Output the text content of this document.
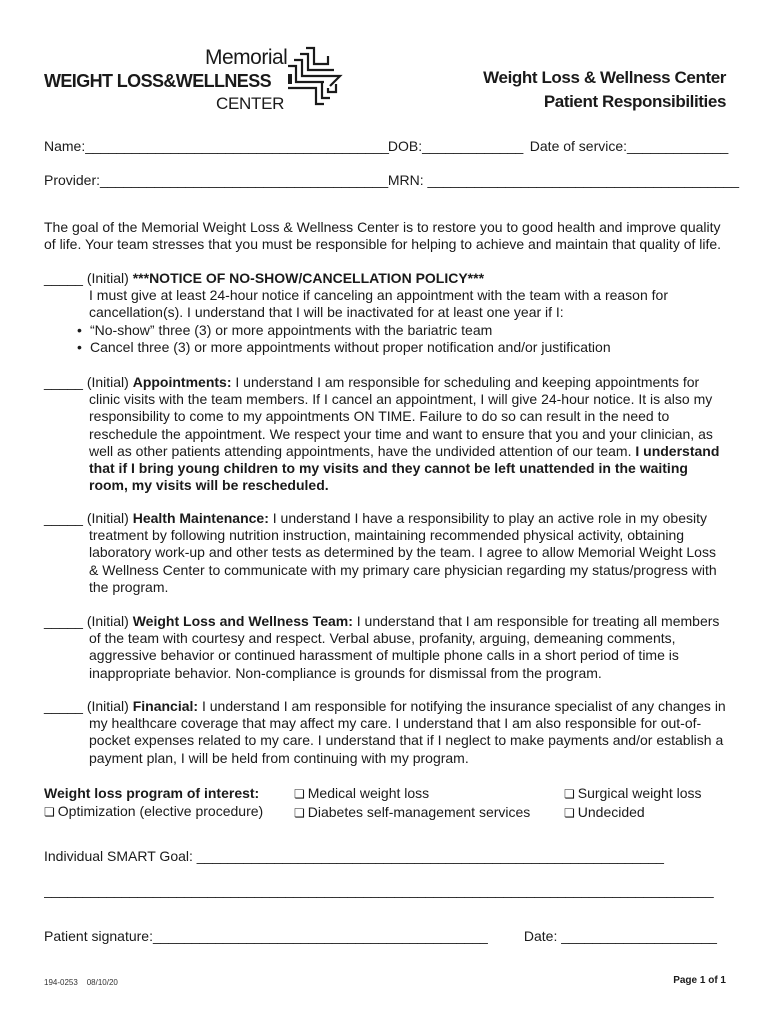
Memorial
WEIGHT LOSS&WELLNESS
CENTER
Weight Loss & Wellness Center
Patient Responsibilities
Name:_______________________________________ DOB:_____________ Date of service:_____________
Provider:_____________________________________ MRN: ________________________________________
The goal of the Memorial Weight Loss & Wellness Center is to restore you to good health and improve quality of life. Your team stresses that you must be responsible for helping to achieve and maintain that quality of life.
_____ (Initial) ***NOTICE OF NO-SHOW/CANCELLATION POLICY***
I must give at least 24-hour notice if canceling an appointment with the team with a reason for cancellation(s). I understand that I will be inactivated for at least one year if I:
• “No-show” three (3) or more appointments with the bariatric team
• Cancel three (3) or more appointments without proper notification and/or justification
_____ (Initial) Appointments: I understand I am responsible for scheduling and keeping appointments for clinic visits with the team members. If I cancel an appointment, I will give 24-hour notice. It is also my responsibility to come to my appointments ON TIME. Failure to do so can result in the need to reschedule the appointment. We respect your time and want to ensure that you and your clinician, as well as other patients attending appointments, have the undivided attention of our team. I understand that if I bring young children to my visits and they cannot be left unattended in the waiting room, my visits will be rescheduled.
_____ (Initial) Health Maintenance: I understand I have a responsibility to play an active role in my obesity treatment by following nutrition instruction, maintaining recommended physical activity, obtaining laboratory work-up and other tests as determined by the team. I agree to allow Memorial Weight Loss & Wellness Center to communicate with my primary care physician regarding my status/progress with the program.
_____ (Initial) Weight Loss and Wellness Team: I understand that I am responsible for treating all members of the team with courtesy and respect. Verbal abuse, profanity, arguing, demeaning comments, aggressive behavior or continued harassment of multiple phone calls in a short period of time is inappropriate behavior. Non-compliance is grounds for dismissal from the program.
_____ (Initial) Financial: I understand I am responsible for notifying the insurance specialist of any changes in my healthcare coverage that may affect my care. I understand that I am also responsible for out-of-pocket expenses related to my care. I understand that if I neglect to make payments and/or establish a payment plan, I will be held from continuing with my program.
Weight loss program of interest:
❏ Optimization (elective procedure)
❏ Medical weight loss
❏ Diabetes self-management services
❏ Surgical weight loss
❏ Undecided
Individual SMART Goal: ____________________________________________________________
______________________________________________________________________________________
Patient signature:___________________________________________	Date: ____________________
194-0253    08/10/20	Page 1 of 1
